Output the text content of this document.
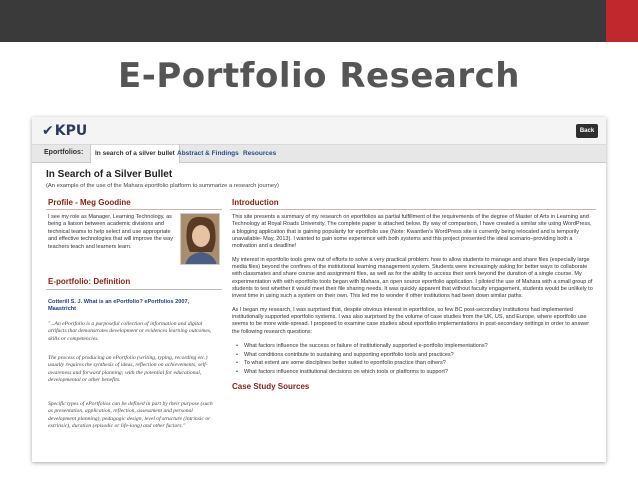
E-Portfolio Research
✔KPU	Back
Eportfolios:	In search of a silver bullet Abstract & Findings Resources
In Search of a Silver Bullet
(An example of the use of the Mahara eportfolio platform to summarize a research journey)
Profile - Meg Goodine
I see my role as Manager, Learning Technology, as being a liaison between academic divisions and technical teams to help select and use appropriate and effective technologies that will improve the way teachers teach and learners learn.
E-portfolio: Definition
Cotterill S. J. What is an ePortfolio? ePortfolios 2007, Maastricht
"...An ePortfolio is a purposeful collection of information and digital artifacts that demonstrates development or evidences learning outcomes, skills or competencies.
The process of producing an ePortfolio (writing, typing, recording etc.) usually requires the synthesis of ideas, reflection on achievements, self-awareness and forward planning; with the potential for educational, developmental or other benefits.
Specific types of ePortfolios can be defined in part by their purpose (such as presentation, application, reflection, assessment and personal development planning), pedagogic design, level of structure (intrinsic or extrinsic), duration (episodic or life-long) and other factors."
Introduction

This site presents a summary of my research on eportfolios as partial fulfillment of the requirements of the degree of Master of Arts in Learning and Technology at Royal Roads University. The complete paper is attached below. By way of comparison, I have created a similar site using WordPress, a blogging application that is gaining popularity for eportfolio use (Note: Kwantlen's WordPress site is currently being relocated and is temporily unavailable- May, 2013). I wanted to gain some experience with both systems and this project presented the ideal scenario–providing both a motivation and a deadline!

My interest in eportfolio tools grew out of efforts to solve a very practical problem: how to allow students to manage and share files (especially large media files) beyond the confines of the institutional learning management system. Students were increasingly asking for better ways to collaborate with classmates and share course and assignment files, as well as for the ability to access their work beyond the duration of a single course. My experimentation with with eportfolio tools began with Mahara, an open source eportfolio application. I piloted the use of Mahara with a small group of students to test whether it would meet their file sharing needs. It was quickly apparent that without faculty engagement, students would be unlikely to invest time in using such a system on their own. This led me to wonder if other institutions had been down similar paths.

As I began my research, I was surprised that, despite obvious interest in eportfolios, so few BC post-secondary institutions had implemented institutionally supported eportfolio systems. I was also surprised by the volume of case studies from the UK, US, and Europe, where eportfolio use seems to be more wide-spread. I proposed to examine case studies about eportfolio implementations in post-secondary settings in order to answer the following research questions:

• What factors influence the success or failure of institutionally supported e-portfolio implementations?
• What conditions contribute to sustaining and supporting eportfolio tools and practices?
• To what extent are some disciplines better suited to eportfolio practice than others?
• What factors influence institutional decisions on which tools or platforms to support?
Case Study Sources
